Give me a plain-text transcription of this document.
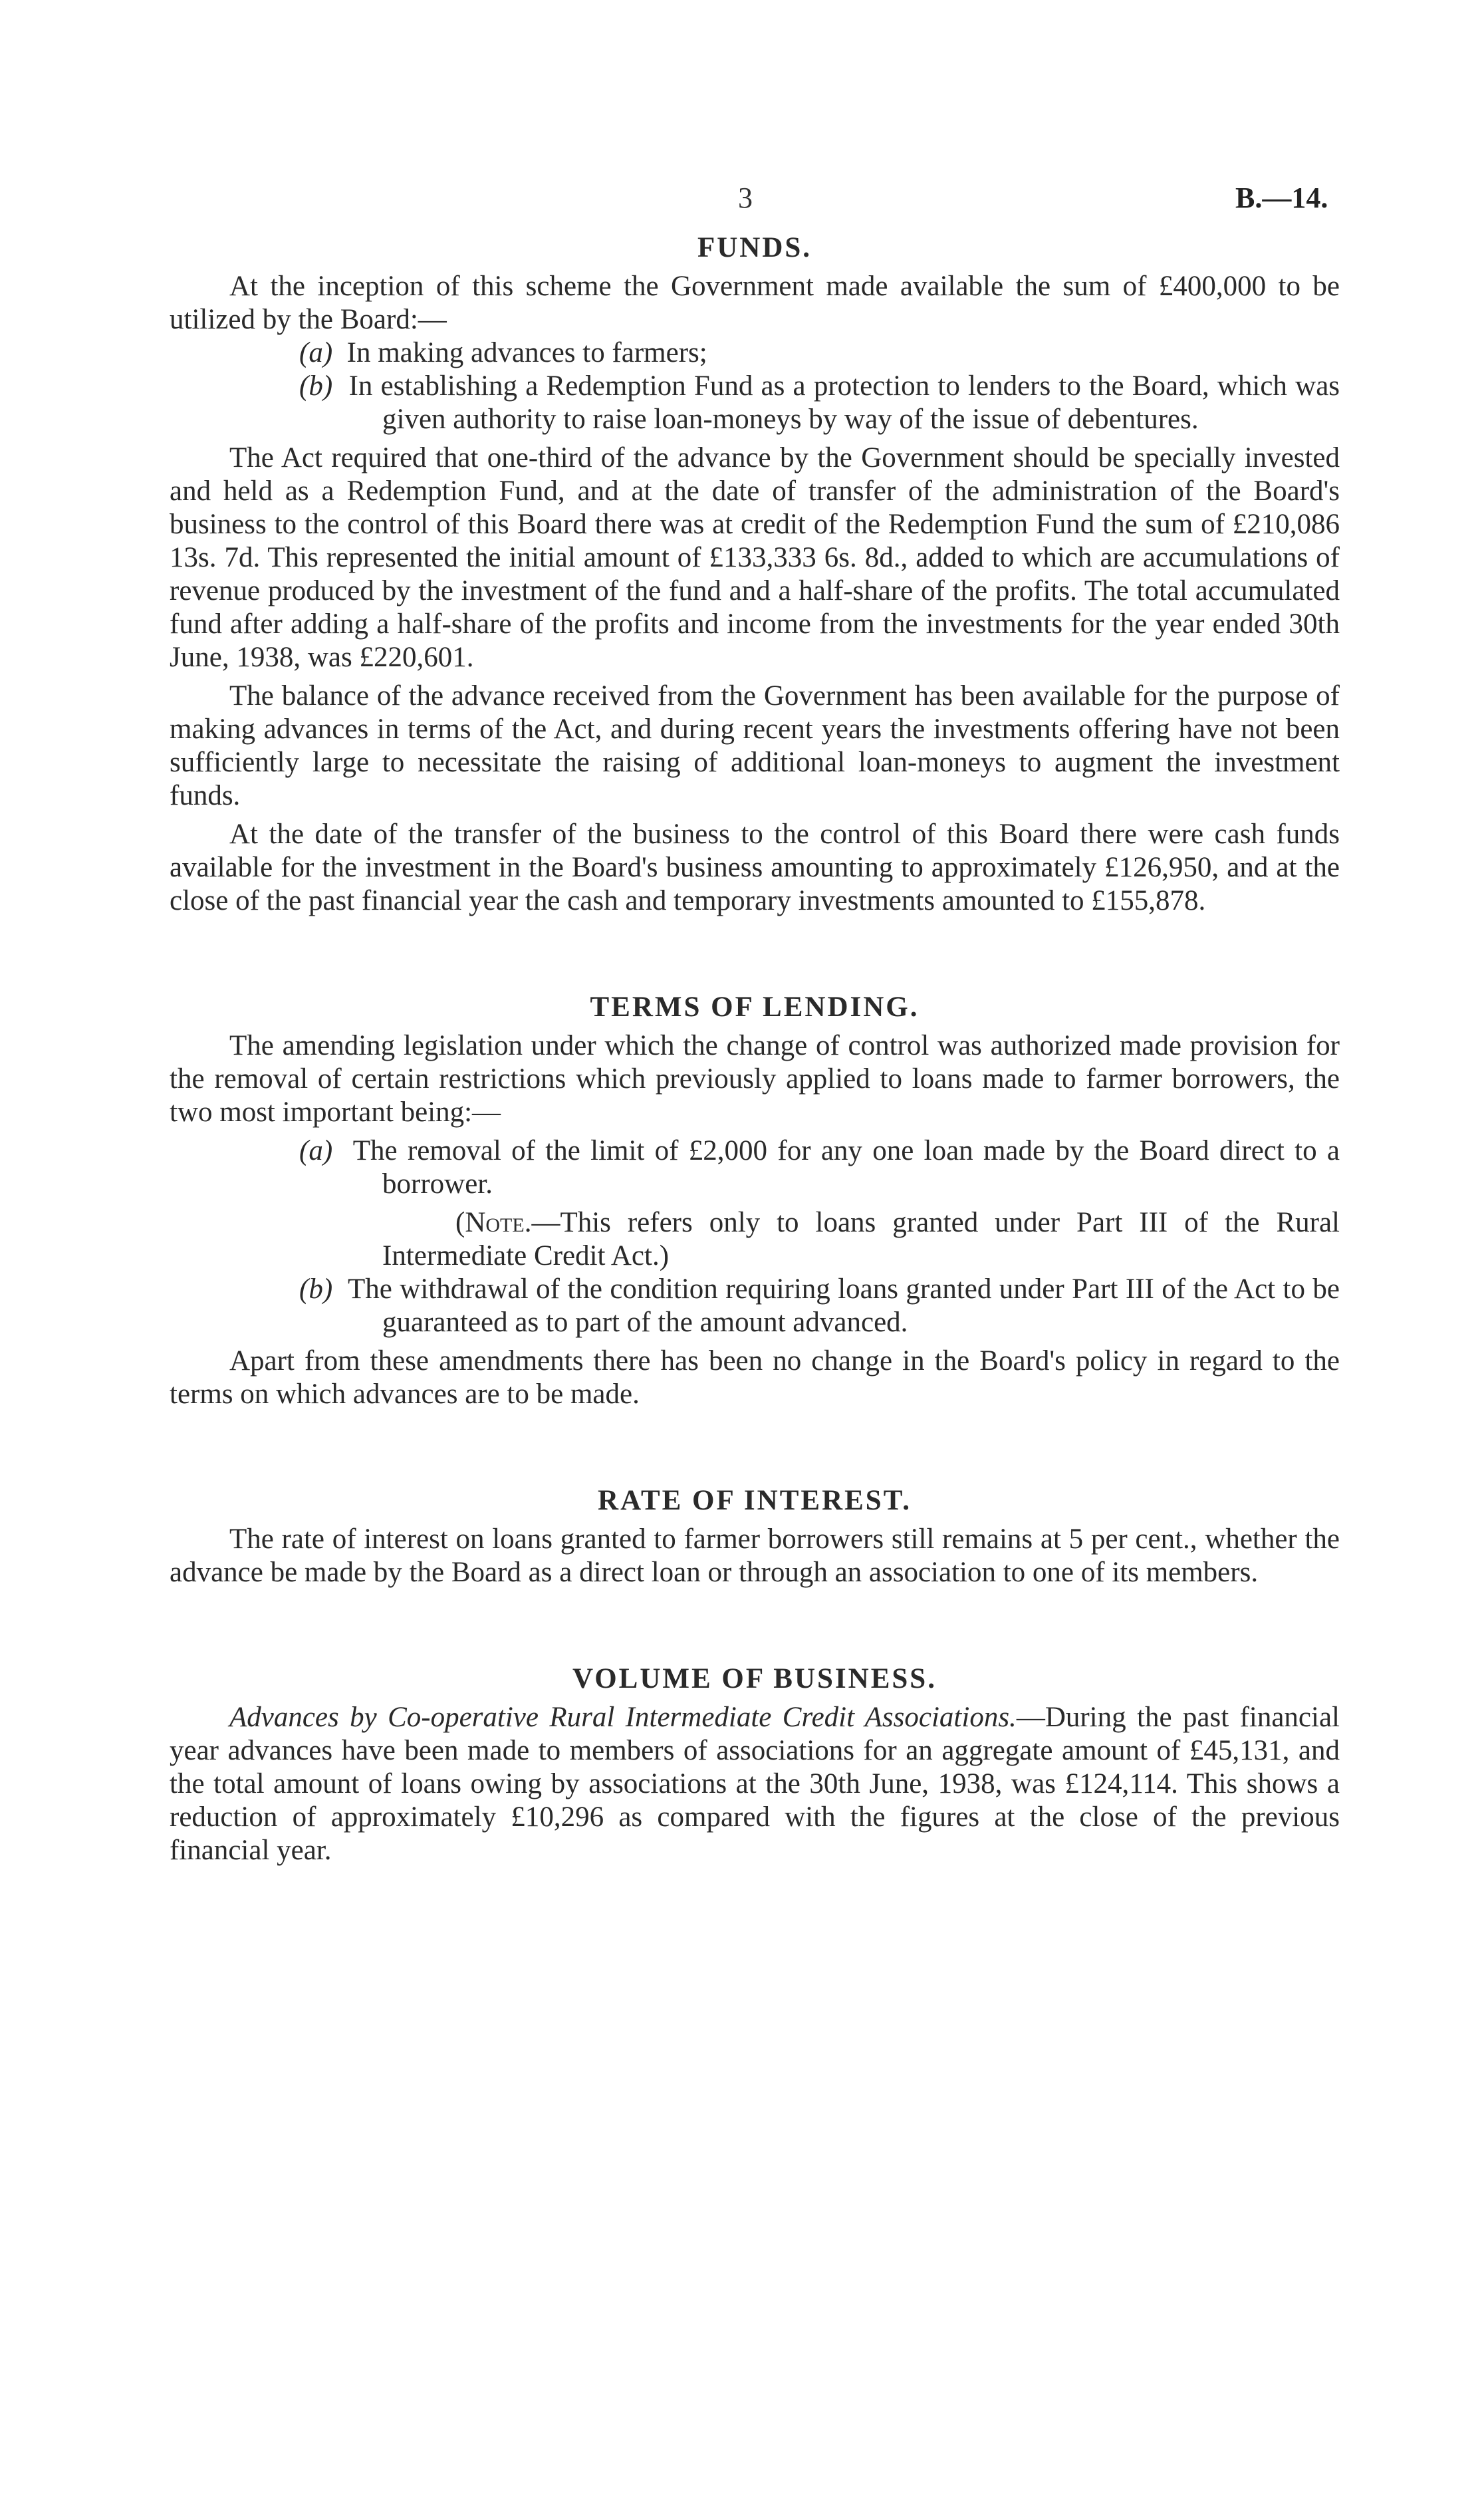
3	B.—14.
FUNDS.

At the inception of this scheme the Government made available the sum of £400,000 to be utilized by the Board:—

(a) In making advances to farmers;
(b) In establishing a Redemption Fund as a protection to lenders to the Board, which was given authority to raise loan-moneys by way of the issue of debentures.

The Act required that one-third of the advance by the Government should be specially invested and held as a Redemption Fund, and at the date of transfer of the administration of the Board's business to the control of this Board there was at credit of the Redemption Fund the sum of £210,086 13s. 7d. This represented the initial amount of £133,333 6s. 8d., added to which are accumulations of revenue produced by the investment of the fund and a half-share of the profits. The total accumulated fund after adding a half-share of the profits and income from the investments for the year ended 30th June, 1938, was £220,601.

The balance of the advance received from the Government has been available for the purpose of making advances in terms of the Act, and during recent years the investments offering have not been sufficiently large to necessitate the raising of additional loan-moneys to augment the investment funds.

At the date of the transfer of the business to the control of this Board there were cash funds available for the investment in the Board's business amounting to approximately £126,950, and at the close of the past financial year the cash and temporary investments amounted to £155,878.

TERMS OF LENDING.

The amending legislation under which the change of control was authorized made provision for the removal of certain restrictions which previously applied to loans made to farmer borrowers, the two most important being:—

(a) The removal of the limit of £2,000 for any one loan made by the Board direct to a borrower.
(Note.—This refers only to loans granted under Part III of the Rural Intermediate Credit Act.)
(b) The withdrawal of the condition requiring loans granted under Part III of the Act to be guaranteed as to part of the amount advanced.

Apart from these amendments there has been no change in the Board's policy in regard to the terms on which advances are to be made.

RATE OF INTEREST.

The rate of interest on loans granted to farmer borrowers still remains at 5 per cent., whether the advance be made by the Board as a direct loan or through an association to one of its members.

VOLUME OF BUSINESS.

Advances by Co-operative Rural Intermediate Credit Associations.—During the past financial year advances have been made to members of associations for an aggregate amount of £45,131, and the total amount of loans owing by associations at the 30th June, 1938, was £124,114. This shows a reduction of approximately £10,296 as compared with the figures at the close of the previous financial year.
